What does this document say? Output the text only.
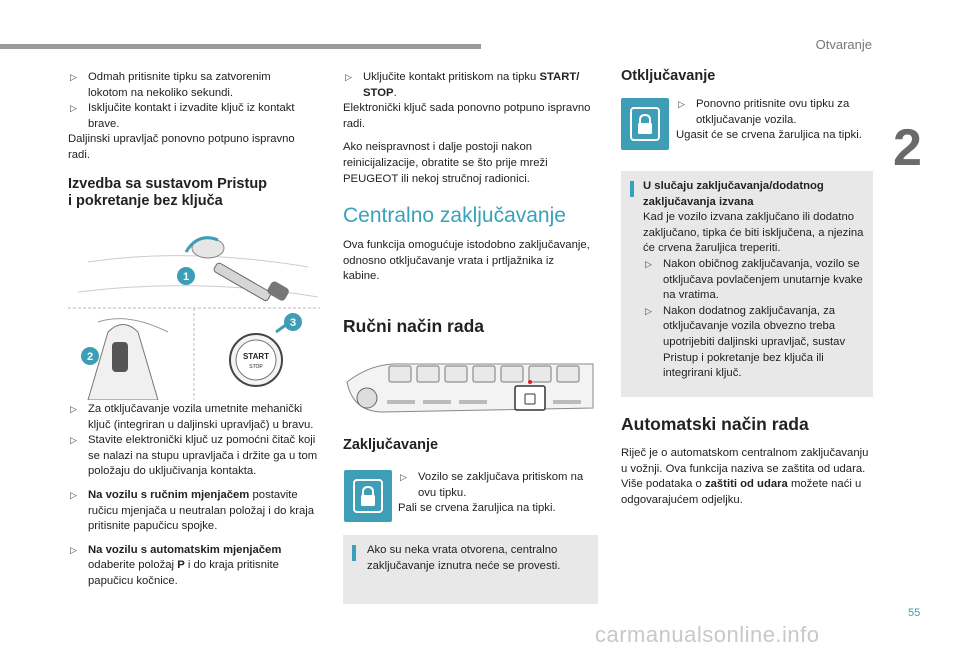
Otvaranje
2
55
carmanualsonline.info
▷ Odmah pritisnite tipku sa zatvorenim lokotom na nekoliko sekundi.
▷ Isključite kontakt i izvadite ključ iz kontakt brave.

Daljinski upravljač ponovno potpuno ispravno radi.

Izvedba sa sustavom Pristup
i pokretanje bez ključa
1
2	START
STOP
3
▷ Za otključavanje vozila umetnite mehanički ključ (integriran u daljinski upravljač) u bravu.
▷ Stavite elektronički ključ uz pomoćni čitač koji se nalazi na stupu upravljača i držite ga u tom položaju do uključivanja kontakta.
▷ Na vozilu s ručnim mjenjačem postavite ručicu mjenjača u neutralan položaj i do kraja pritisnite papučicu spojke.
▷ Na vozilu s automatskim mjenjačem odaberite položaj P i do kraja pritisnite papučicu kočnice.
▷ Uključite kontakt pritiskom na tipku START/ STOP.

Elektronički ključ sada ponovno potpuno ispravno radi.

Ako neispravnost i dalje postoji nakon reinicijalizacije, obratite se što prije mreži PEUGEOT ili nekoj stručnoj radionici.

Centralno zaključavanje

Ova funkcija omogućuje istodobno zaključavanje, odnosno otključavanje vrata i prtljažnika iz kabine.

Ručni način rada
Zaključavanje
▷ Vozilo se zaključava pritiskom na ovu tipku.

Pali se crvena žaruljica na tipki.

Ako su neka vrata otvorena, centralno zaključavanje iznutra neće se provesti.

Otključavanje
▷ Ponovno pritisnite ovu tipku za otključavanje vozila.

Ugasit će se crvena žaruljica na tipki.

U slučaju zaključavanja/dodatnog zaključavanja izvana

Kad je vozilo izvana zaključano ili dodatno zaključano, tipka će biti isključena, a njezina će crvena žaruljica treperiti.

▷ Nakon običnog zaključavanja, vozilo se otključava povlačenjem unutarnje kvake na vratima.
▷ Nakon dodatnog zaključavanja, za otključavanje vozila obvezno treba upotrijebiti daljinski upravljač, sustav Pristup i pokretanje bez ključa ili integrirani ključ.
Automatski način rada

Riječ je o automatskom centralnom zaključavanju u vožnji. Ova funkcija naziva se zaštita od udara.

Više podataka o zaštiti od udara možete naći u odgovarajućem odjeljku.
